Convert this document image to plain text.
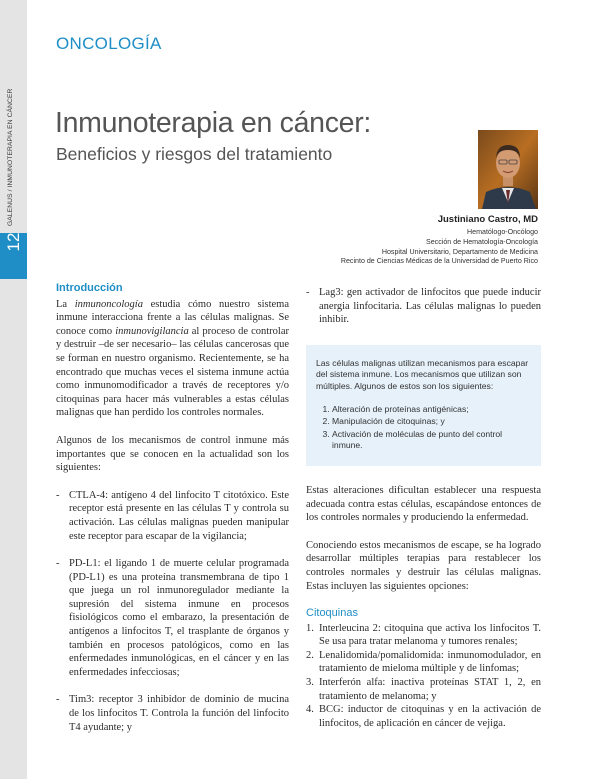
GALENUS / INMUNOTERAPIA EN CÁNCER
12
ONCOLOGÍA
Inmunoterapia en cáncer:
Beneficios y riesgos del tratamiento
Justiniano Castro, MD
Hematólogo-Oncólogo
Sección de Hematología-Oncología
Hospital Universitario, Departamento de Medicina
Recinto de Ciencias Médicas de la Universidad de Puerto Rico
Introducción

La inmunoncología estudia cómo nuestro sistema inmune interacciona frente a las células malignas. Se conoce como inmunovigilancia al proceso de controlar y destruir –de ser necesario– las células cancerosas que se forman en nuestro organismo. Recientemente, se ha encontrado que muchas veces el sistema inmune actúa como inmunomodificador a través de receptores y/o citoquinas para hacer más vulnerables a estas células malignas que han perdido los controles normales.

Algunos de los mecanismos de control inmune más importantes que se conocen en la actualidad son los siguientes:

- CTLA-4: antígeno 4 del linfocito T citotóxico. Este receptor está presente en las células T y controla su activación. Las células malignas pueden manipular este receptor para escapar de la vigilancia;
- PD-L1: el ligando 1 de muerte celular programada (PD-L1) es una proteína transmembrana de tipo 1 que juega un rol inmunoregulador mediante la supresión del sistema inmune en procesos fisiológicos como el embarazo, la presentación de antígenos a linfocitos T, el trasplante de órganos y también en procesos patológicos, como en las enfermedades inmunológicas, en el cáncer y en las enfermedades infecciosas;
- Tim3: receptor 3 inhibidor de dominio de mucina de los linfocitos T. Controla la función del linfocito T4 ayudante; y
- Lag3: gen activador de linfocitos que puede inducir anergia linfocitaria. Las células malignas lo pueden inhibir.

Las células malignas utilizan mecanismos para escapar del sistema inmune. Los mecanismos que utilizan son múltiples. Algunos de estos son los siguientes:

1. Alteración de proteínas antigénicas;
2. Manipulación de citoquinas; y
3. Activación de moléculas de punto del control inmune.

Estas alteraciones dificultan establecer una respuesta adecuada contra estas células, escapándose entonces de los controles normales y produciendo la enfermedad.

Conociendo estos mecanismos de escape, se ha logrado desarrollar múltiples terapias para restablecer los controles normales y destruir las células malignas. Estas incluyen las siguientes opciones:

Citoquinas
1. Interleucina 2: citoquina que activa los linfocitos T. Se usa para tratar melanoma y tumores renales;
2. Lenalidomida/pomalidomida: inmunomodulador, en tratamiento de mieloma múltiple y de linfomas;
3. Interferón alfa: inactiva proteínas STAT 1, 2, en tratamiento de melanoma; y
4. BCG: inductor de citoquinas y en la activación de linfocitos, de aplicación en cáncer de vejiga.
